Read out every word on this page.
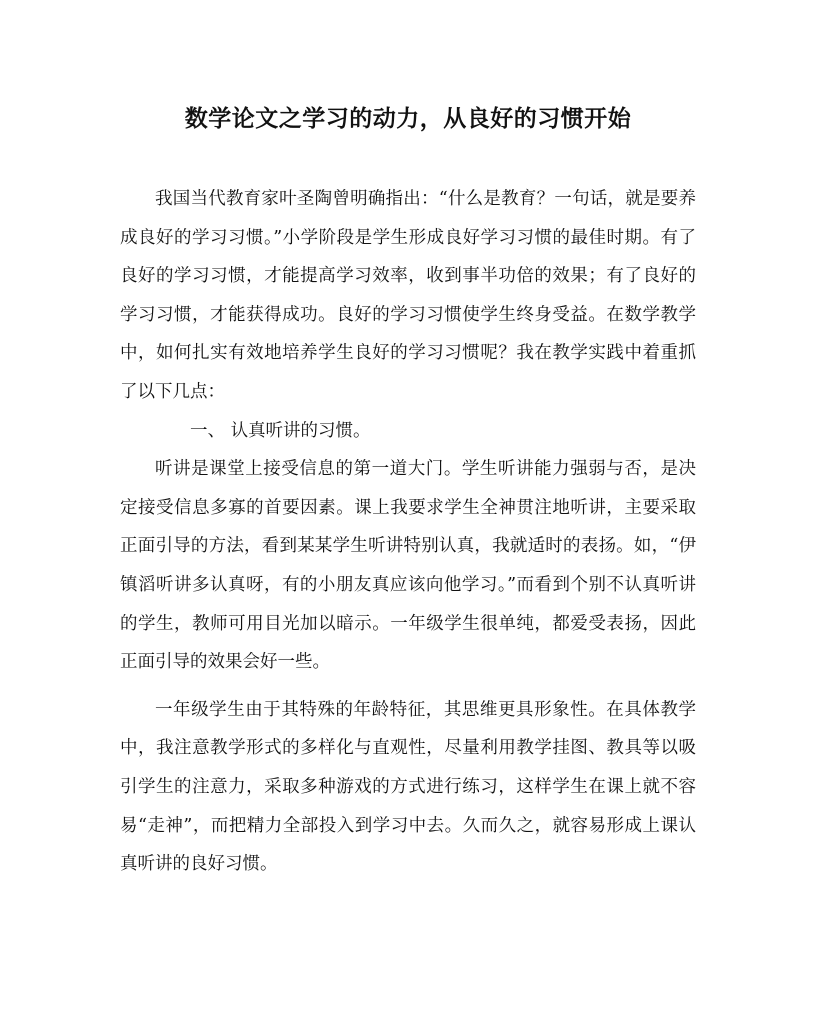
数学论文之学习的动力，从良好的习惯开始

我国当代教育家叶圣陶曾明确指出：“什么是教育？一句话，就是要养成良好的学习习惯。”小学阶段是学生形成良好学习习惯的最佳时期。有了良好的学习习惯，才能提高学习效率，收到事半功倍的效果；有了良好的学习习惯，才能获得成功。良好的学习习惯使学生终身受益。在数学教学中，如何扎实有效地培养学生良好的学习习惯呢？我在教学实践中着重抓了以下几点：

一、 认真听讲的习惯。

听讲是课堂上接受信息的第一道大门。学生听讲能力强弱与否，是决定接受信息多寡的首要因素。课上我要求学生全神贯注地听讲，主要采取正面引导的方法，看到某某学生听讲特别认真，我就适时的表扬。如，“伊镇滔听讲多认真呀，有的小朋友真应该向他学习。”而看到个别不认真听讲的学生，教师可用目光加以暗示。一年级学生很单纯，都爱受表扬，因此正面引导的效果会好一些。

一年级学生由于其特殊的年龄特征，其思维更具形象性。在具体教学中，我注意教学形式的多样化与直观性，尽量利用教学挂图、教具等以吸引学生的注意力，采取多种游戏的方式进行练习，这样学生在课上就不容易“走神”，而把精力全部投入到学习中去。久而久之，就容易形成上课认真听讲的良好习惯。
